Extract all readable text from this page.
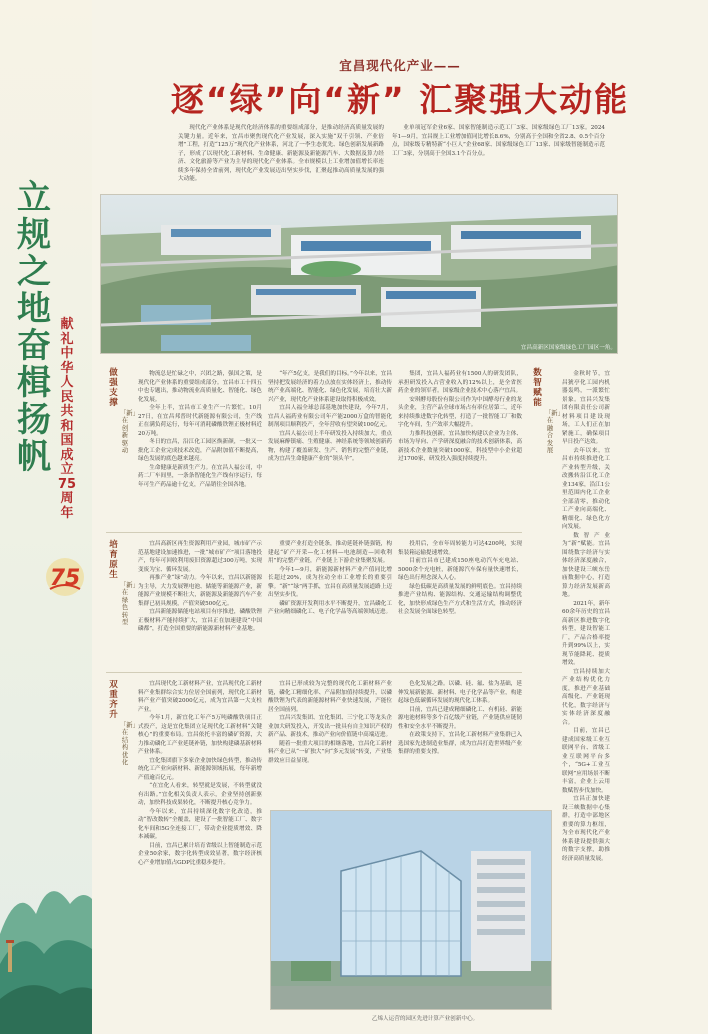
立规之地 奋楫扬帆
献礼中华人民共和国成立75周年
75
宜昌现代化产业——
逐“绿”向“新” 汇聚强大动能

现代化产业体系是现代化经济体系的重要组成部分，是推动经济高质量发展的关键力量。近年来，宜昌市聚焦现代化产业发展，深入实施“双千引领、产业倍增”工程，打造“125万”现代化产业体系，河北了一李生态优先、绿色创新发展新路子，形成了以现代化工新材料、生命健康、新能源及新能源汽车、大数据及算力经济、文化旅游等产业为主导的现代化产业体系。全市规模以上工业增加值增长率连续多年保持全省前列，现代化产业发展迈出坚实步伐，汇聚起推动高质量发展的强大动能。

业单项冠军企业6家、国家智能制造示范工厂3家、国家级绿色工厂13家。2024年1—9月，宜昌规上工业增加值同比增长8.6%，分别高于全国和全省2.8、0.5个百分点，国家级专精特新“小巨人”企业68家、国家级绿色工厂13家、国家级智能制造示范工厂3家，分别高于全国3.1个百分点。

宜昌高新区国家级绿色工厂园区一角。
做强支撑
「新」在创新驱动

物流总是忙碌之中，兴团之路，强国之策，是现代化产业体系的重要组成部分。宜昌市工十四五中也专题出，推动物流业高质量化、智能化、绿色化发展。

全年上半，宜昌市工业生产一片繁忙。10月27日，在宜昌邦普时代新能源有限公司，生产线正在满负荷运行，每年可消耗磷酸铁锂正极材料近20万吨。

冬日的宜昌，沿江化工园区焕新颜，一批又一批化工企业完成技术改造，产品附加值不断提高，绿色发展的底色越来越亮。

生命健康是新质生产力。在宜昌人福公司，中药二厂车间里，一条条智能化生产线有序运行，每年可生产药品逾十亿支，产品销往全国各地。

“年产5亿支，是我们的目标。”今年以来，宜昌坚持把发展经济的着力点放在实体经济上，推动传统产业高端化、智能化、绿色化发展，培育壮大新兴产业，现代化产业体系建设取得积极成效。

宜昌人福全球总部基地加快建设，今年7月，宜昌人福药业有限公司年产能2000万盒的智能化制剂项目顺利投产，全年营收有望突破100亿元。

宜昌人福公司上半年研发投入持续加大，重点发展麻醉镇痛、生殖健康、神经系统等领域创新药物，构建了覆盖研发、生产、销售的完整产业链，成为宜昌生命健康产业的“领头羊”。

集团，宜昌人福药业有1500人的研发团队，承担研发投入占营业收入的12%以上，是全省医药企业的领军者。国家级企业技术中心落户宜昌。

安琪酵母股份有限公司作为中国酵母行业的龙头企业，主营产品全球市场占有率位居第二，近年来持续推进数字化转型，打造了一批智能工厂和数字化车间，生产效率大幅提升。

力推科技创新，宜昌加快构建以企业为主体、市场为导向、产学研深度融合的技术创新体系，高新技术企业数量突破1000家，科技型中小企业超过1700家，研发投入强度持续提升。

数智赋能
「新」在融合发展

金秋时节，宜昌猇亭化工园内机器轰鸣，一派繁忙景象。宜昌兴发集团有限责任公司新材料项目建设现场，工人们正在加紧施工，确保项目早日投产达效。

去年以来，宜昌市持续推进化工产业转型升级，关改搬转沿江化工企业134家，沿江1公里范围内化工企业全部清零，推动化工产业向高端化、精细化、绿色化方向发展。

数智产业为“新”赋能。宜昌围绕数字经济与实体经济深度融合，加快建设三峡东岳庙数据中心，打造算力经济发展新高地。

2021年，新年60余年历史的宜昌高新区推进数字化转型，建设智能工厂，产品合格率提升到99%以上，实现节能降耗、提质增效。

宜昌持续加大产业结构优化力度，推进产业基础高级化、产业链现代化，数字经济与实体经济深度融合。

目前，宜昌已建成国家级工业互联网平台、省级工业互联网平台多个，“5G+工业互联网”应用场景不断丰富，企业上云用数赋智步伐加快。

宜昌正加快建设三峡数据中心集群，打造中部地区重要的算力枢纽，为全市现代化产业体系建设提供强大的数字支撑，助推经济高质量发展。

培育原生
「新」在绿色转型

宜昌高新区再生资源利用产业园，城市矿产示范基地建设加速推进，一批“城市矿产”项目落地投产，每年可回收利用废旧资源超过300万吨，实现变废为宝、循环发展。

再推产业“绿”动力。今年以来，宜昌以新能源为主导，大力发展锂电池、储能等新能源产业，新能源产业规模不断壮大，新能源及新能源汽车产业集群已初具规模，产值突破500亿元。

宜昌新能源储能电站项目有序推进，磷酸铁锂正极材料产能持续扩大，宜昌正在加速建设“中国磷都”，打造全国重要的新能源新材料产业基地。

重要产业打造全链条，推动延链补链强链，构建起“矿产开采—化工材料—电池制造—回收利用”的完整产业链，产业链上下游企业集聚发展。

今年1—9月，新能源新材料产业产值同比增长超过20%，成为拉动全市工业增长的重要引擎。“新”“绿”两手抓，宜昌在高质量发展道路上迈出坚实步伐。

磷矿资源开发利用水平不断提升，宜昌磷化工产业向精细磷化工、电子化学品等高端领域迈进。

投用后，全市年周转能力可达4200吨，实现集装箱运输提速增效。

目前宜昌市已建成150座电动汽车充电站、5000余个充电桩，新能源汽车保有量快速增长，绿色出行理念深入人心。

绿色低碳是高质量发展的鲜明底色。宜昌持续推进产业结构、能源结构、交通运输结构调整优化，加快形成绿色生产方式和生活方式，推动经济社会发展全面绿色转型。

双重齐升
「新」在结构优化

宜昌现代化工新材料产业，宜昌现代化工新材料产业集群综合实力位居全国前列，现代化工新材料产业产值突破2000亿元，成为宜昌第一大支柱产业。

今年1月，新宜化工年产5万吨磷酸铁项目正式投产，这是宜化集团立足现代化工新材料“关键核心”的重要布局。宜昌依托丰富的磷矿资源，大力推动磷化工产业延链补链，加快构建磷基新材料产业体系。

宜化集团旗下多家企业加快绿色转型，推动传统化工产业向新材料、新能源领域拓展，每年新增产值逾百亿元。

“在宜化人看来，转型就是发展，不转型就没有出路。”宜化相关负责人表示，企业坚持创新驱动，加快科技成果转化，不断提升核心竞争力。

今年以来，宜昌持续深化数字化改造，推动“智改数转”全覆盖，建设了一批智能工厂、数字化车间和5G全连接工厂，带动企业提质增效、降本减碳。

目前，宜昌已累计培育省级以上智能制造示范企业50余家，数字化转型成效显著，数字经济核心产业增加值占GDP比重稳步提升。

宜昌已形成较为完整的现代化工新材料产业链，磷化工精细化率、产品附加值持续提升，以磷酸铁锂为代表的新能源材料产业快速发展，产能位居全国前列。

宜昌兴发集团、宜化集团、三宁化工等龙头企业加大研发投入，开发出一批具有自主知识产权的新产品、新技术，推动产业向价值链中高端迈进。

随着一批重大项目的相继落地，宜昌化工新材料产业已从“一矿独大”向“多元发展”转变，产业集群效应日益显现。

色化发展之路。以磷、硅、氟、盐为基础，延伸发展新能源、新材料、电子化学品等产业，构建起绿色低碳循环发展的现代化工体系。

目前，宜昌已建成精细磷化工、有机硅、新能源电池材料等多个百亿级产业链，产业链供应链韧性和安全水平不断提升。

在政策支持下，宜昌化工新材料产业集群已入选国家先进制造业集群，成为宜昌打造世界级产业集群的重要支撑。

乙烯人运营的园区先进计算产业创新中心。
